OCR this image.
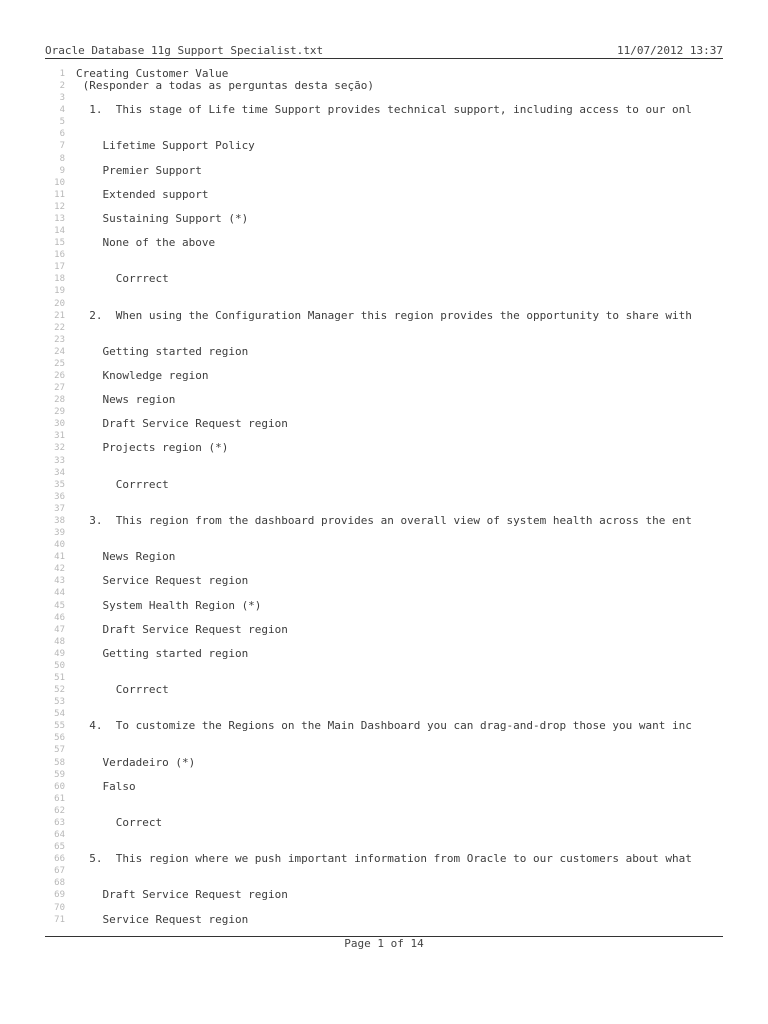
Oracle Database 11g Support Specialist.txt	11/07/2012 13:37
1 Creating Customer Value
2 (Responder a todas as perguntas desta seção)
3
4 1.  This stage of Life time Support provides technical support, including access to our onl
5
6
7 Lifetime Support Policy
8
9 Premier Support
10
11 Extended support
12
13 Sustaining Support (*)
14
15 None of the above
16
17
18 Corrrect
19
20
21 2.  When using the Configuration Manager this region provides the opportunity to share with
22
23
24 Getting started region
25
26 Knowledge region
27
28 News region
29
30 Draft Service Request region
31
32 Projects region (*)
33
34
35 Corrrect
36
37
38 3.  This region from the dashboard provides an overall view of system health across the ent
39
40
41 News Region
42
43 Service Request region
44
45 System Health Region (*)
46
47 Draft Service Request region
48
49 Getting started region
50
51
52 Corrrect
53
54
55 4.  To customize the Regions on the Main Dashboard you can drag-and-drop those you want inc
56
57
58 Verdadeiro (*)
59
60 Falso
61
62
63 Correct
64
65
66 5.  This region where we push important information from Oracle to our customers about what
67
68
69 Draft Service Request region
70
71 Service Request region
Page 1 of 14
